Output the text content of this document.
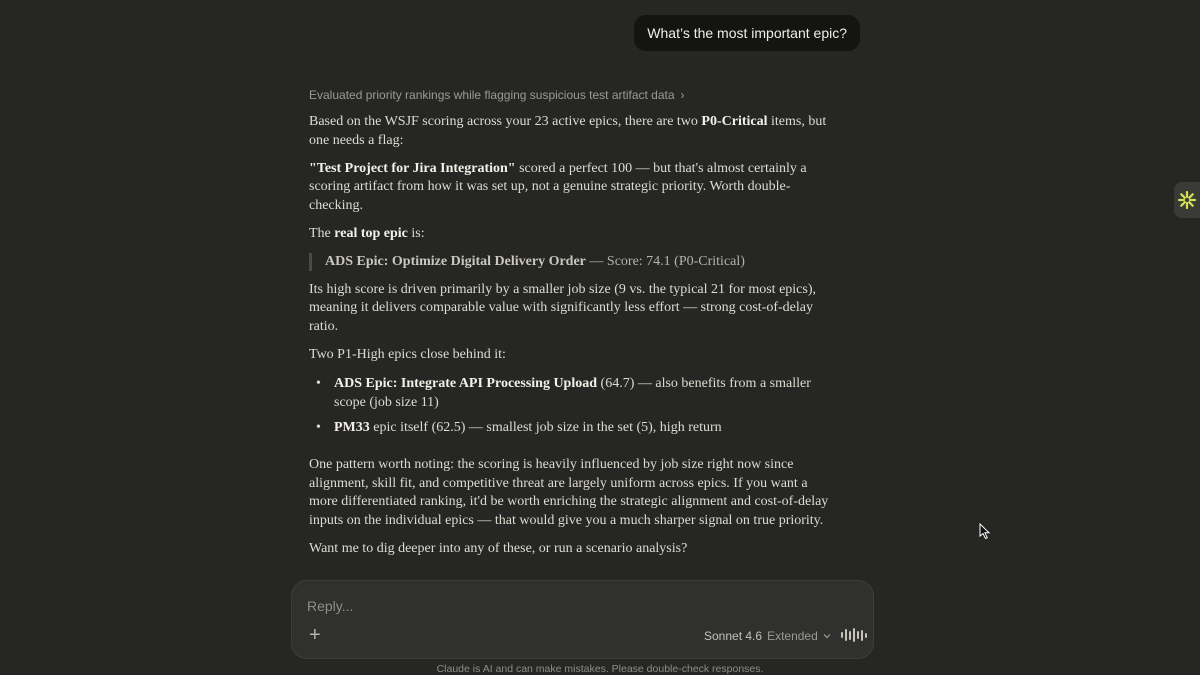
What’s the most important epic?
Evaluated priority rankings while flagging suspicious test artifact data ›

Based on the WSJF scoring across your 23 active epics, there are two P0-Critical items, but one needs a flag:

"Test Project for Jira Integration" scored a perfect 100 — but that's almost certainly a scoring artifact from how it was set up, not a genuine strategic priority. Worth double-checking.

The real top epic is:

ADS Epic: Optimize Digital Delivery Order — Score: 74.1 (P0-Critical)

Its high score is driven primarily by a smaller job size (9 vs. the typical 21 for most epics), meaning it delivers comparable value with significantly less effort — strong cost-of-delay ratio.

Two P1-High epics close behind it:

• ADS Epic: Integrate API Processing Upload (64.7) — also benefits from a smaller scope (job size 11)
• PM33 epic itself (62.5) — smallest job size in the set (5), high return

One pattern worth noting: the scoring is heavily influenced by job size right now since alignment, skill fit, and competitive threat are largely uniform across epics. If you want a more differentiated ranking, it'd be worth enriching the strategic alignment and cost-of-delay inputs on the individual epics — that would give you a much sharper signal on true priority.

Want me to dig deeper into any of these, or run a scenario analysis?

Reply...
+	Sonnet 4.6 Extended
Claude is AI and can make mistakes. Please double-check responses.
